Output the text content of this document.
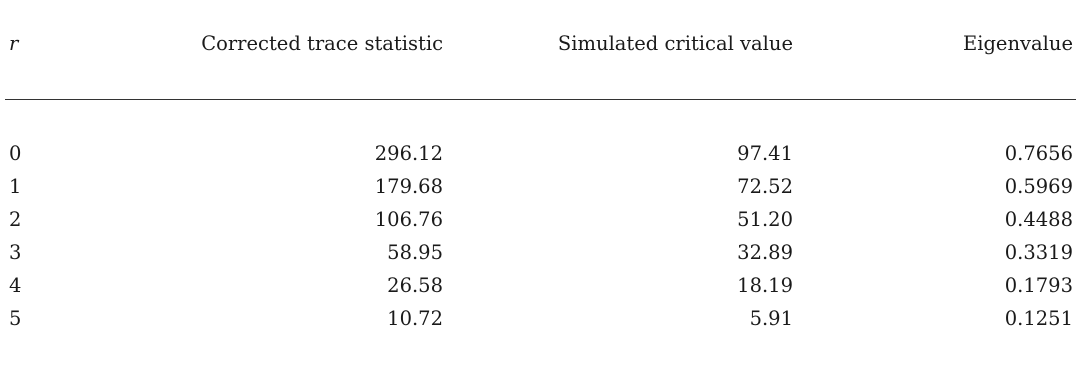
r	Corrected trace statistic	Simulated critical value	Eigenvalue
0	296.12	97.41	0.7656
1	179.68	72.52	0.5969
2	106.76	51.20	0.4488
3	58.95	32.89	0.3319
4	26.58	18.19	0.1793
5	10.72	5.91	0.1251
